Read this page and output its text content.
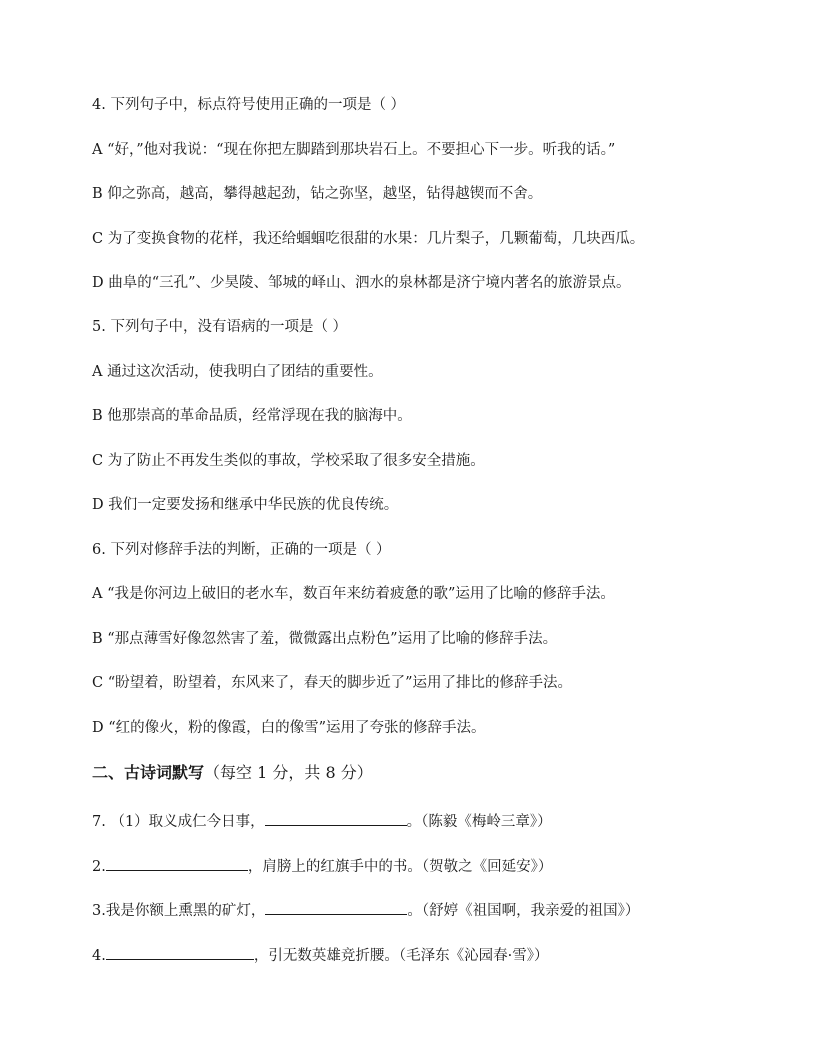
4. 下列句子中，标点符号使用正确的一项是（ ）
A “好，”他对我说：“现在你把左脚踏到那块岩石上。不要担心下一步。听我的话。”
B 仰之弥高，越高，攀得越起劲，钻之弥坚，越坚，钻得越锲而不舍。
C 为了变换食物的花样，我还给蝈蝈吃很甜的水果：几片梨子，几颗葡萄，几块西瓜。
D 曲阜的“三孔”、少昊陵、邹城的峄山、泗水的泉林都是济宁境内著名的旅游景点。
5. 下列句子中，没有语病的一项是（ ）
A 通过这次活动，使我明白了团结的重要性。
B 他那崇高的革命品质，经常浮现在我的脑海中。
C 为了防止不再发生类似的事故，学校采取了很多安全措施。
D 我们一定要发扬和继承中华民族的优良传统。
6. 下列对修辞手法的判断，正确的一项是（ ）
A “我是你河边上破旧的老水车，数百年来纺着疲惫的歌”运用了比喻的修辞手法。
B “那点薄雪好像忽然害了羞，微微露出点粉色”运用了比喻的修辞手法。
C “盼望着，盼望着，东风来了，春天的脚步近了”运用了排比的修辞手法。
D “红的像火，粉的像霞，白的像雪”运用了夸张的修辞手法。
二、古诗词默写（每空 1 分，共 8 分）
7. （1）取义成仁今日事，	。（陈毅《梅岭三章》）
2.	，肩膀上的红旗手中的书。（贺敬之《回延安》）
3.我是你额上熏黑的矿灯，	。（舒婷《祖国啊，我亲爱的祖国》）
4.	，引无数英雄竞折腰。（毛泽东《沁园春·雪》）
